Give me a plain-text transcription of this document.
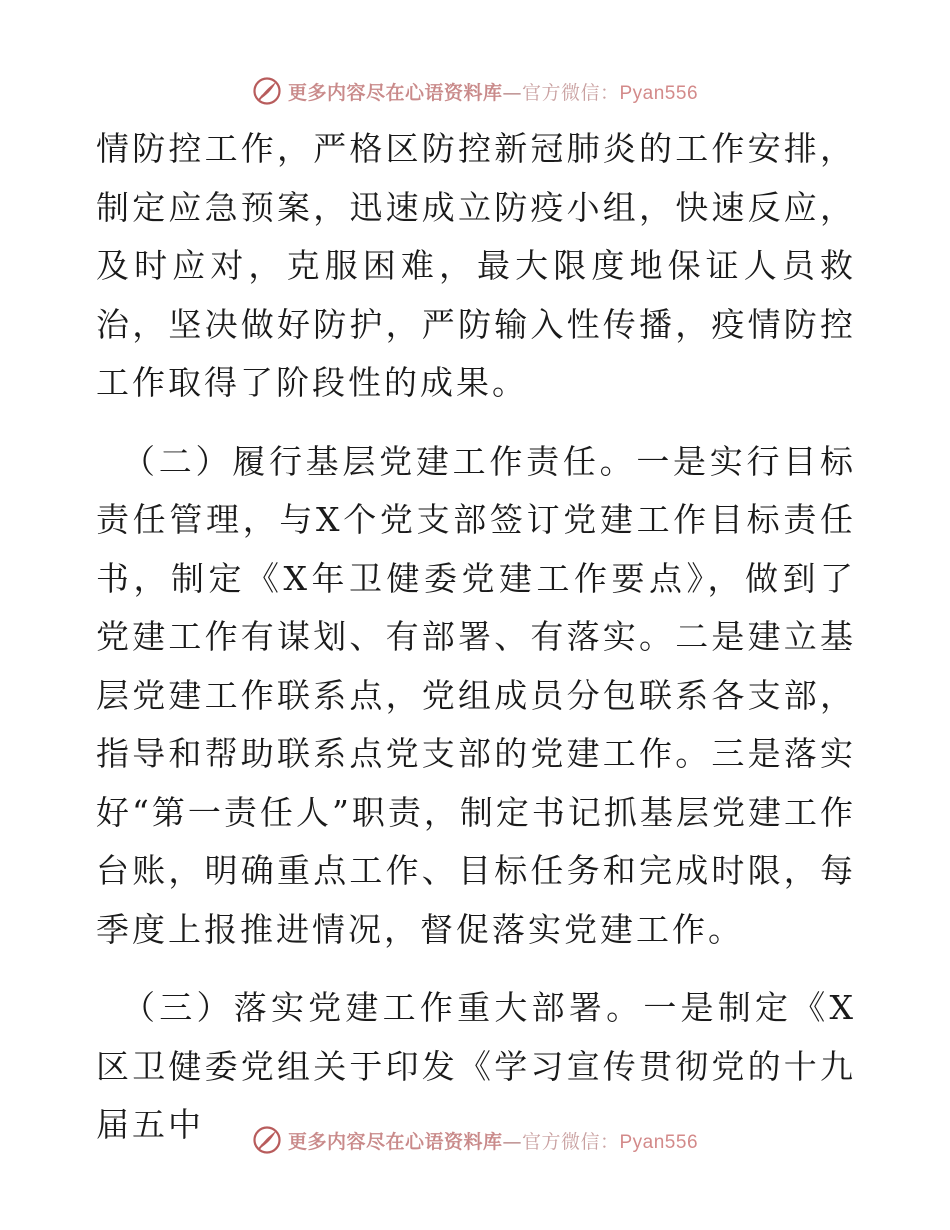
更多内容尽在心语资料库—官方微信：Pyan556

情防控工作，严格区防控新冠肺炎的工作安排，制定应急预案，迅速成立防疫小组，快速反应，及时应对，克服困难，最大限度地保证人员救治，坚决做好防护，严防输入性传播，疫情防控工作取得了阶段性的成果。

（二）履行基层党建工作责任。一是实行目标责任管理，与X个党支部签订党建工作目标责任书，制定《X年卫健委党建工作要点》，做到了党建工作有谋划、有部署、有落实。二是建立基层党建工作联系点，党组成员分包联系各支部，指导和帮助联系点党支部的党建工作。三是落实好“第一责任人”职责，制定书记抓基层党建工作台账，明确重点工作、目标任务和完成时限，每季度上报推进情况，督促落实党建工作。

（三）落实党建工作重大部署。一是制定《X区卫健委党组关于印发《学习宣传贯彻党的十九届五中	更多内容尽在心语资料库—官方微信：Pyan556
